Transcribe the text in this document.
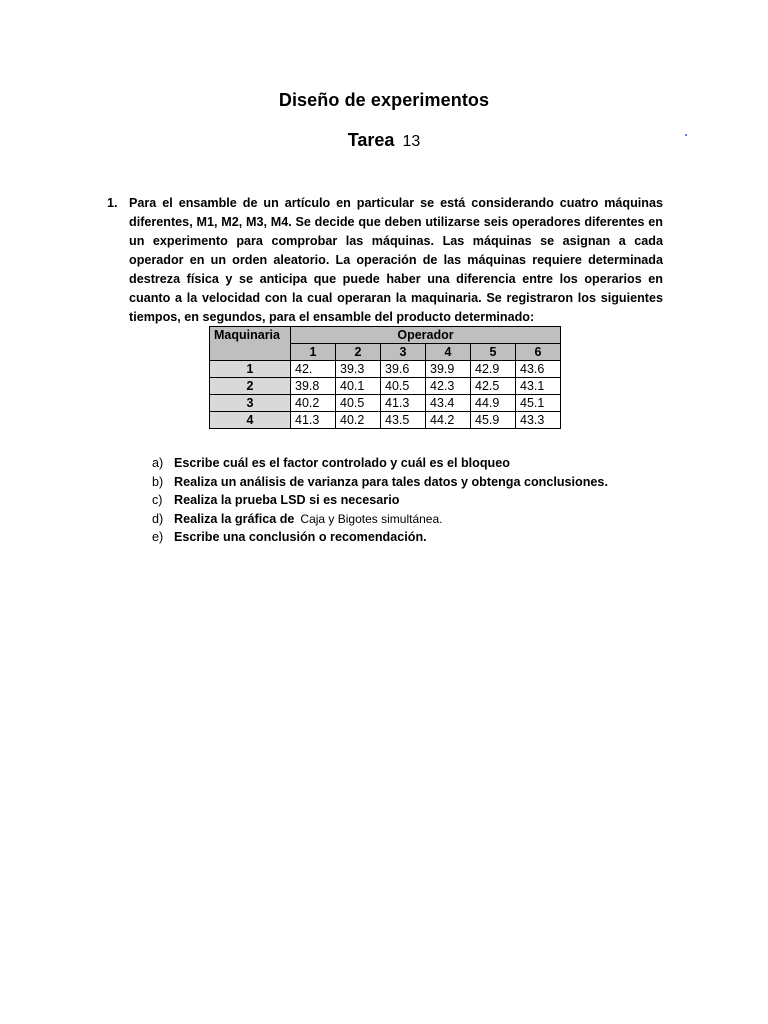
Diseño de experimentos
Tarea 13
1. Para el ensamble de un artículo en particular se está considerando cuatro máquinas diferentes, M1, M2, M3, M4. Se decide que deben utilizarse seis operadores diferentes en un experimento para comprobar las máquinas. Las máquinas se asignan a cada operador en un orden aleatorio. La operación de las máquinas requiere determinada destreza física y se anticipa que puede haber una diferencia entre los operarios en cuanto a la velocidad con la cual operaran la maquinaria. Se registraron los siguientes tiempos, en segundos, para el ensamble del producto determinado:
Maquinaria	Operador					
	1	2	3	4	5	6
1	42.	39.3	39.6	39.9	42.9	43.6
2	39.8	40.1	40.5	42.3	42.5	43.1
3	40.2	40.5	41.3	43.4	44.9	45.1
4	41.3	40.2	43.5	44.2	45.9	43.3
a) Escribe cuál es el factor controlado y cuál es el bloqueo
b) Realiza un análisis de varianza para tales datos y obtenga conclusiones.
c) Realiza la prueba LSD si es necesario
d) Realiza la gráfica de Caja y Bigotes simultánea.
e) Escribe una conclusión o recomendación.
